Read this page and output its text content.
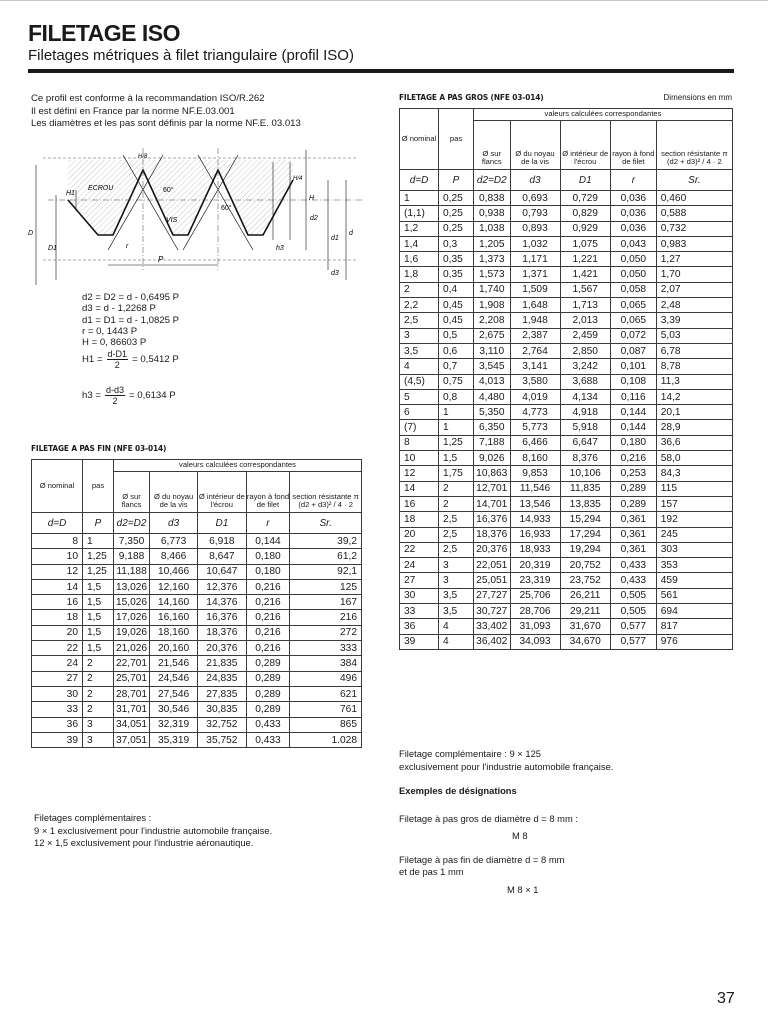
FILETAGE ISO
Filetages métriques à filet triangulaire (profil ISO)
Ce profil est conforme à la recommandation ISO/R.262
Il est défini en France par la norme NF.E.03.001
Les diamètres et les pas sont définis par la norme NF.E. 03.013
P
ECROU
VIS
60°
60°
H
H1
h3
H/8
H/4
D
D1
d
d1
d2
d3
r
d2 = D2 = d - 0,6495 P
d3 = d - 1,2268 P
d1 = D1 = d - 1,0825 P
r = 0, 1443 P
H = 0, 86603 P
$H1 = \frac{d-D1}{2} = 0,5412$ P
$h3 = \frac{d-d3}{2} = 0,6134$ P
FILETAGE A PAS FIN (NFE 03-014)
Ø nominal	pas	valeurs calculées correspondantes				
		Ø sur flancs	Ø du noyau de la vis	Ø intérieur de l'écrou	rayon à fond de filet	section résistante π (d2 + d3)² / 4 · 2
d=D	P	d2=D2	d3	D1	r	Sr.
8	1	7,350	6,773	6,918	0,144	39,2
10	1,25	9,188	8,466	8,647	0,180	61,2
12	1,25	11,188	10,466	10,647	0,180	92,1
14	1,5	13,026	12,160	12,376	0,216	125
16	1,5	15,026	14,160	14,376	0,216	167
18	1,5	17,026	16,160	16,376	0,216	216
20	1,5	19,026	18,160	18,376	0,216	272
22	1,5	21,026	20,160	20,376	0,216	333
24	2	22,701	21,546	21,835	0,289	384
27	2	25,701	24,546	24,835	0,289	496
30	2	28,701	27,546	27,835	0,289	621
33	2	31,701	30,546	30,835	0,289	761
36	3	34,051	32,319	32,752	0,433	865
39	3	37,051	35,319	35,752	0,433	1.028
Filetages complémentaires :
9 × 1 exclusivement pour l'industrie automobile française.
12 × 1,5 exclusivement pour l'industrie aéronautique.
FILETAGE A PAS GROS (NFE 03-014)	Dimensions en mm
Ø nominal	pas	valeurs calculées correspondantes				
		Ø sur flancs	Ø du noyau de la vis	Ø intérieur de l'écrou	rayon à fond de filet	section résistante π (d2 + d3)² / 4 · 2
d=D	P	d2=D2	d3	D1	r	Sr.
1	0,25	0,838	0,693	0,729	0,036	0,460
(1,1)	0,25	0,938	0,793	0,829	0,036	0,588
1,2	0,25	1,038	0,893	0,929	0,036	0,732
1,4	0,3	1,205	1,032	1,075	0,043	0,983
1,6	0,35	1,373	1,171	1,221	0,050	1,27
1,8	0,35	1,573	1,371	1,421	0,050	1,70
2	0,4	1,740	1,509	1,567	0,058	2,07
2,2	0,45	1,908	1,648	1,713	0,065	2,48
2,5	0,45	2,208	1,948	2,013	0,065	3,39
3	0,5	2,675	2,387	2,459	0,072	5,03
3,5	0,6	3,110	2,764	2,850	0,087	6,78
4	0,7	3,545	3,141	3,242	0,101	8,78
(4,5)	0,75	4,013	3,580	3,688	0,108	11,3
5	0,8	4,480	4,019	4,134	0,116	14,2
6	1	5,350	4,773	4,918	0,144	20,1
(7)	1	6,350	5,773	5,918	0,144	28,9
8	1,25	7,188	6,466	6,647	0,180	36,6
10	1,5	9,026	8,160	8,376	0,216	58,0
12	1,75	10,863	9,853	10,106	0,253	84,3
14	2	12,701	11,546	11,835	0,289	115
16	2	14,701	13,546	13,835	0,289	157
18	2,5	16,376	14,933	15,294	0,361	192
20	2,5	18,376	16,933	17,294	0,361	245
22	2,5	20,376	18,933	19,294	0,361	303
24	3	22,051	20,319	20,752	0,433	353
27	3	25,051	23,319	23,752	0,433	459
30	3,5	27,727	25,706	26,211	0,505	561
33	3,5	30,727	28,706	29,211	0,505	694
36	4	33,402	31,093	31,670	0,577	817
39	4	36,402	34,093	34,670	0,577	976
Filetage complémentaire : 9 × 125
exclusivement pour l'industrie automobile française.
Exemples de désignations
Filetage à pas gros de diamètre d = 8 mm :
M 8
Filetage à pas fin de diamètre d = 8 mm
et de pas 1 mm
M 8 × 1
37
